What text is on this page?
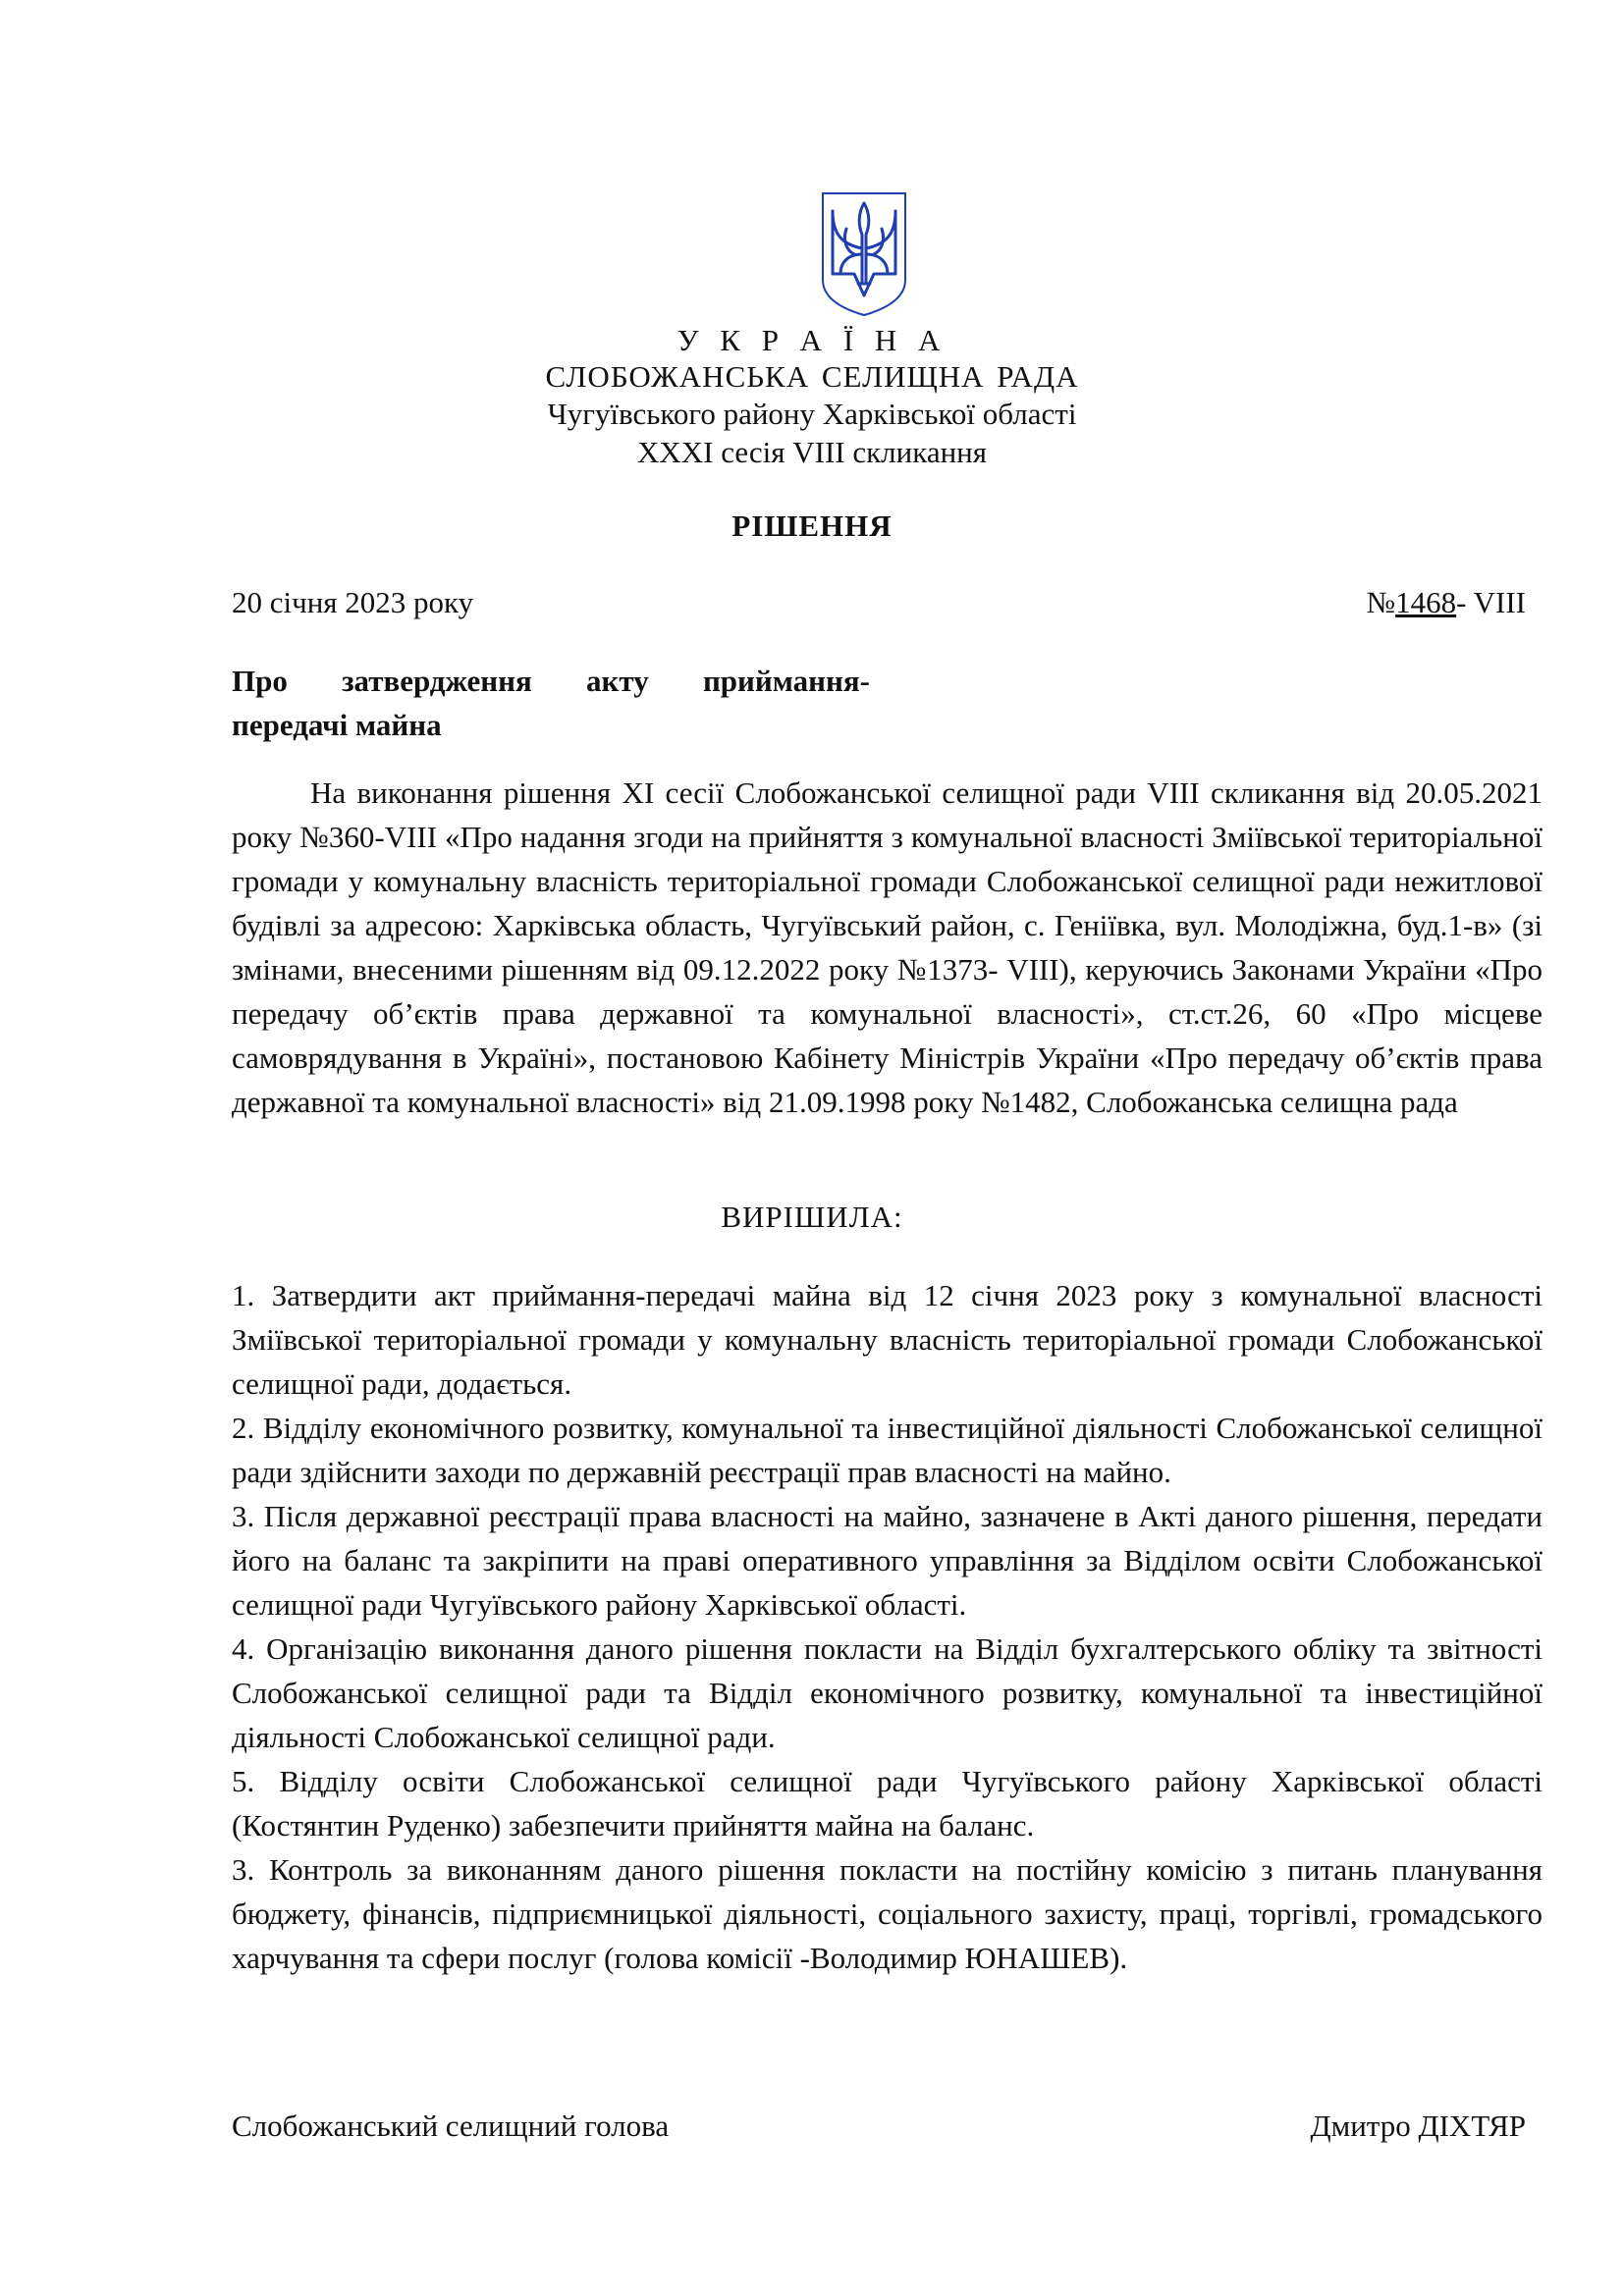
У К Р А Ї Н А
СЛОБОЖАНСЬКА СЕЛИЩНА РАДА
Чугуївського району Харківської області
XXXI сесія VIII скликання
РІШЕННЯ
20 січня 2023 року	№1468- VIII
Про затвердження акту приймання-
передачі майна
На виконання рішення XI сесії Слобожанської селищної ради VIII скликання від 20.05.2021 року №360-VIII «Про надання згоди на прийняття з комунальної власності Зміївської територіальної громади у комунальну власність територіальної громади Слобожанської селищної ради нежитлової будівлі за адресою: Харківська область, Чугуївський район, с. Геніївка, вул. Молодіжна, буд.1-в» (зі змінами, внесеними рішенням від 09.12.2022 року №1373- VIII), керуючись Законами України «Про передачу об’єктів права державної та комунальної власності», ст.ст.26, 60 «Про місцеве самоврядування в Україні», постановою Кабінету Міністрів України «Про передачу об’єктів права державної та комунальної власності» від 21.09.1998 року №1482, Слобожанська селищна рада
ВИРІШИЛА:

1. Затвердити акт приймання-передачі майна від 12 січня 2023 року з комунальної власності Зміївської територіальної громади у комунальну власність територіальної громади Слобожанської селищної ради, додається.

2. Відділу економічного розвитку, комунальної та інвестиційної діяльності Слобожанської селищної ради здійснити заходи по державній реєстрації прав власності на майно.

3. Після державної реєстрації права власності на майно, зазначене в Акті даного рішення, передати його на баланс та закріпити на праві оперативного управління за Відділом освіти Слобожанської селищної ради Чугуївського району Харківської області.

4. Організацію виконання даного рішення покласти на Відділ бухгалтерського обліку та звітності Слобожанської селищної ради та Відділ економічного розвитку, комунальної та інвестиційної діяльності Слобожанської селищної ради.

5. Відділу освіти Слобожанської селищної ради Чугуївського району Харківської області (Костянтин Руденко) забезпечити прийняття майна на баланс.

3. Контроль за виконанням даного рішення покласти на постійну комісію з питань планування бюджету, фінансів, підприємницької діяльності, соціального захисту, праці, торгівлі, громадського харчування та сфери послуг (голова комісії -Володимир ЮНАШЕВ).

Слобожанський селищний голова	Дмитро ДІХТЯР
